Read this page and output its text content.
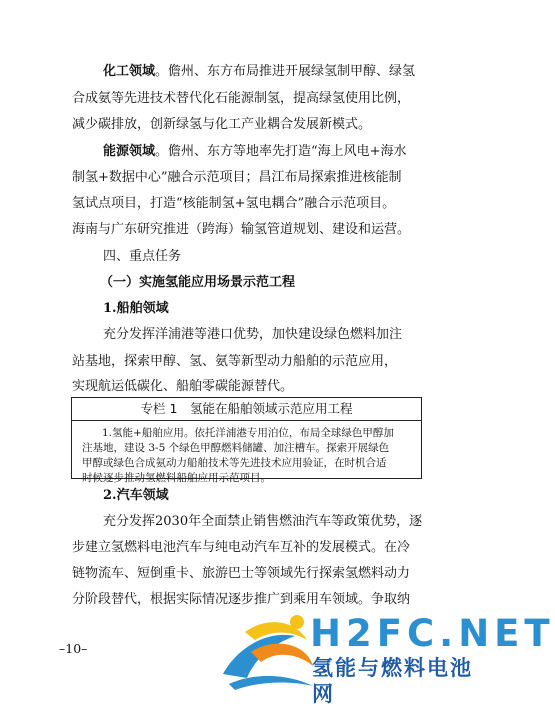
化工领域。儋州、东方布局推进开展绿氢制甲醇、绿氢
合成氨等先进技术替代化石能源制氢，提高绿氢使用比例，
减少碳排放，创新绿氢与化工产业耦合发展新模式。
能源领域。儋州、东方等地率先打造“海上风电+海水
制氢+数据中心”融合示范项目；昌江布局探索推进核能制
氢试点项目，打造“核能制氢+氢电耦合”融合示范项目。
海南与广东研究推进（跨海）输氢管道规划、建设和运营。
四、重点任务
（一）实施氢能应用场景示范工程
1.船舶领域
充分发挥洋浦港等港口优势，加快建设绿色燃料加注
站基地，探索甲醇、氢、氨等新型动力船舶的示范应用，
实现航运低碳化、船舶零碳能源替代。
专栏 1　氢能在船舶领域示范应用工程
1.氢能+船舶应用。依托洋浦港专用泊位，布局全球绿色甲醇加
注基地，建设 3-5 个绿色甲醇燃料储罐、加注槽车。探索开展绿色
甲醇或绿色合成氨动力船舶技术等先进技术应用验证，在时机合适
时候逐步推动氢燃料船舶应用示范项目。
2.汽车领域
充分发挥2030年全面禁止销售燃油汽车等政策优势，逐
步建立氢燃料电池汽车与纯电动汽车互补的发展模式。在冷
链物流车、短倒重卡、旅游巴士等领域先行探索氢燃料动力
分阶段替代，根据实际情况逐步推广到乘用车领域。争取纳
–10–	H2FC.NET
氢能与燃料电池网
